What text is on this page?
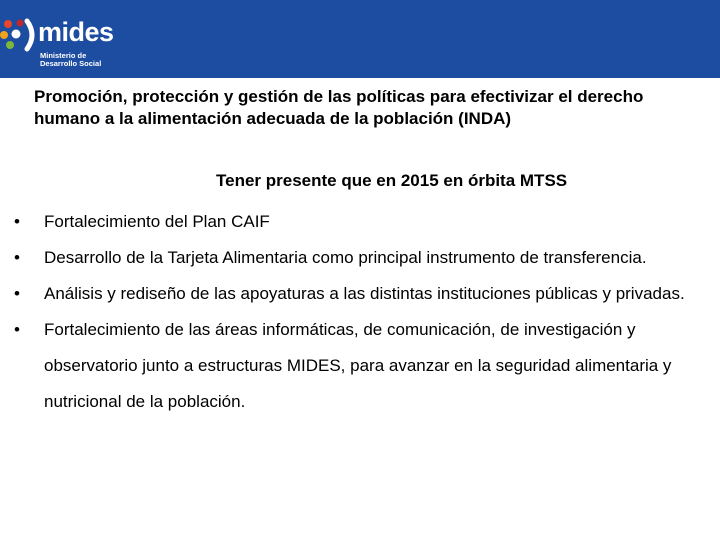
mides
Ministerio de
Desarrollo Social
Promoción, protección y gestión de las políticas para efectivizar el derecho humano a la alimentación adecuada de la población (INDA)
Tener presente que en 2015 en órbita MTSS
•	Fortalecimiento del Plan CAIF
•	Desarrollo de la Tarjeta Alimentaria como principal instrumento de transferencia.
•	Análisis y rediseño de las apoyaturas a las distintas instituciones públicas y privadas.
•	Fortalecimiento de las áreas informáticas, de comunicación, de investigación y observatorio junto a estructuras MIDES, para avanzar en la seguridad alimentaria y nutricional de la población.
